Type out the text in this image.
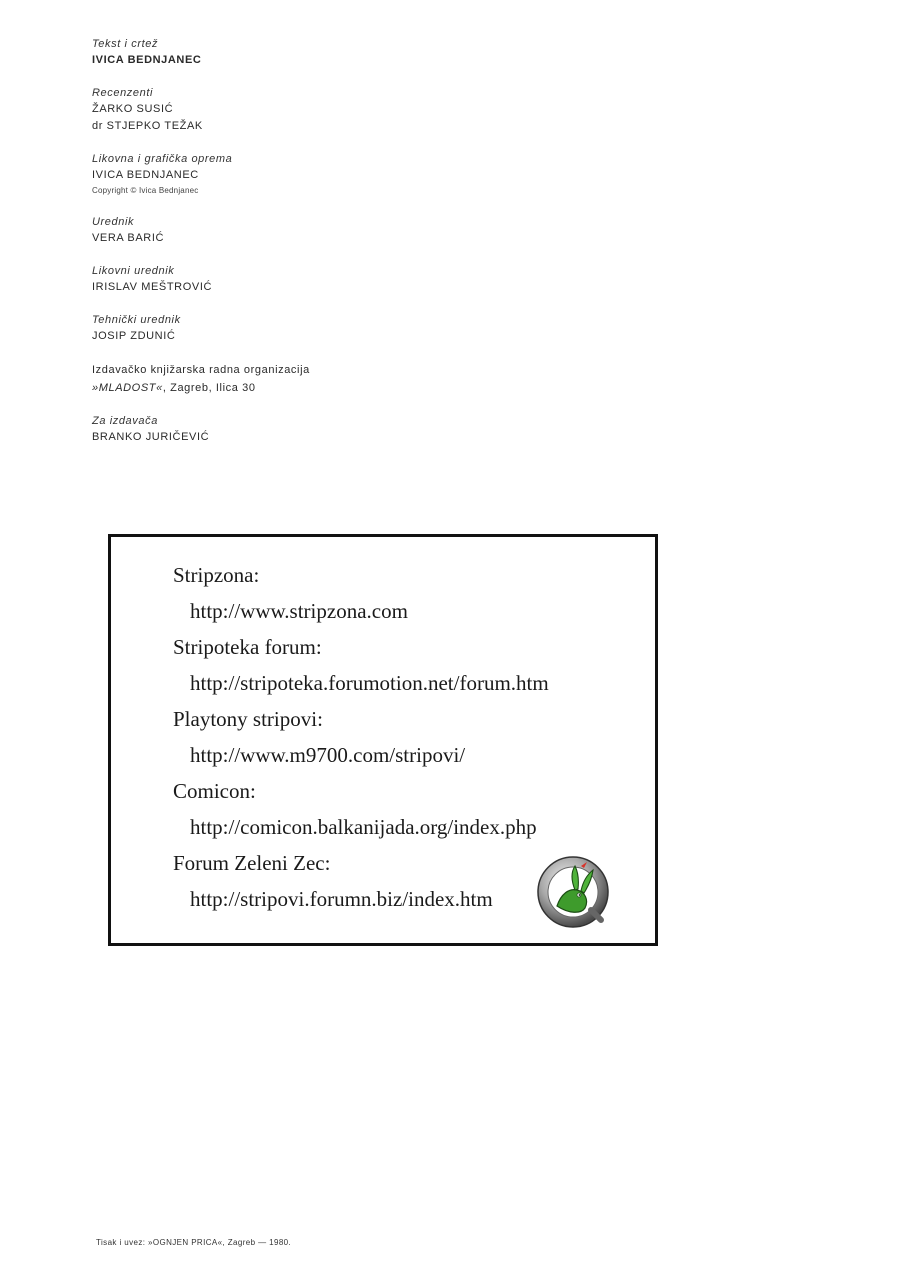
Tekst i crtež
IVICA BEDNJANEC
Recenzenti
ŽARKO SUSIĆ
dr STJEPKO TEŽAK
Likovna i grafička oprema
IVICA BEDNJANEC
Copyright © Ivica Bednjanec
Urednik
VERA BARIĆ
Likovni urednik
IRISLAV MEŠTROVIĆ
Tehnički urednik
JOSIP ZDUNIĆ
Izdavačko knjižarska radna organizacija
»MLADOST«, Zagreb, Ilica 30
Za izdavača
BRANKO JURIČEVIĆ
Stripzona:
http://www.stripzona.com
Stripoteka forum:
http://stripoteka.forumotion.net/forum.htm
Playtony stripovi:
http://www.m9700.com/stripovi/
Comicon:
http://comicon.balkanijada.org/index.php
Forum Zeleni Zec:
http://stripovi.forumn.biz/index.htm
Tisak i uvez: »OGNJEN PRICA«, Zagreb — 1980.
